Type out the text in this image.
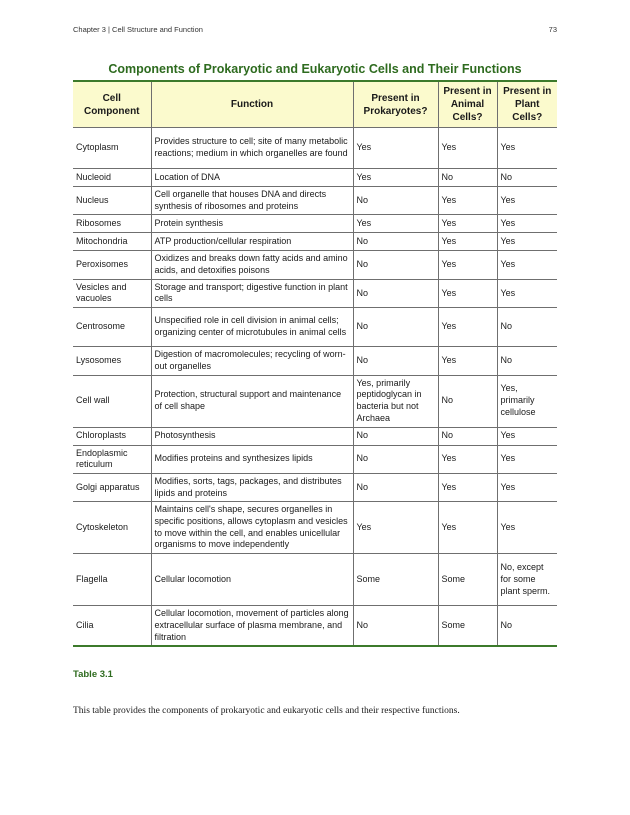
Chapter 3 | Cell Structure and Function	73
Components of Prokaryotic and Eukaryotic Cells and Their Functions
Cell Component	Function	Present in Prokaryotes?	Present in Animal Cells?	Present in Plant Cells?
Cytoplasm	Provides structure to cell; site of many metabolic reactions; medium in which organelles are found	Yes	Yes	Yes
Nucleoid	Location of DNA	Yes	No	No
Nucleus	Cell organelle that houses DNA and directs synthesis of ribosomes and proteins	No	Yes	Yes
Ribosomes	Protein synthesis	Yes	Yes	Yes
Mitochondria	ATP production/cellular respiration	No	Yes	Yes
Peroxisomes	Oxidizes and breaks down fatty acids and amino acids, and detoxifies poisons	No	Yes	Yes
Vesicles and vacuoles	Storage and transport; digestive function in plant cells	No	Yes	Yes
Centrosome	Unspecified role in cell division in animal cells; organizing center of microtubules in animal cells	No	Yes	No
Lysosomes	Digestion of macromolecules; recycling of worn-out organelles	No	Yes	No
Cell wall	Protection, structural support and maintenance of cell shape	Yes, primarily peptidoglycan in bacteria but not Archaea	No	Yes, primarily cellulose
Chloroplasts	Photosynthesis	No	No	Yes
Endoplasmic reticulum	Modifies proteins and synthesizes lipids	No	Yes	Yes
Golgi apparatus	Modifies, sorts, tags, packages, and distributes lipids and proteins	No	Yes	Yes
Cytoskeleton	Maintains cell's shape, secures organelles in specific positions, allows cytoplasm and vesicles to move within the cell, and enables unicellular organisms to move independently	Yes	Yes	Yes
Flagella	Cellular locomotion	Some	Some	No, except for some plant sperm.
Cilia	Cellular locomotion, movement of particles along extracellular surface of plasma membrane, and filtration	No	Some	No
Table 3.1
This table provides the components of prokaryotic and eukaryotic cells and their respective functions.
